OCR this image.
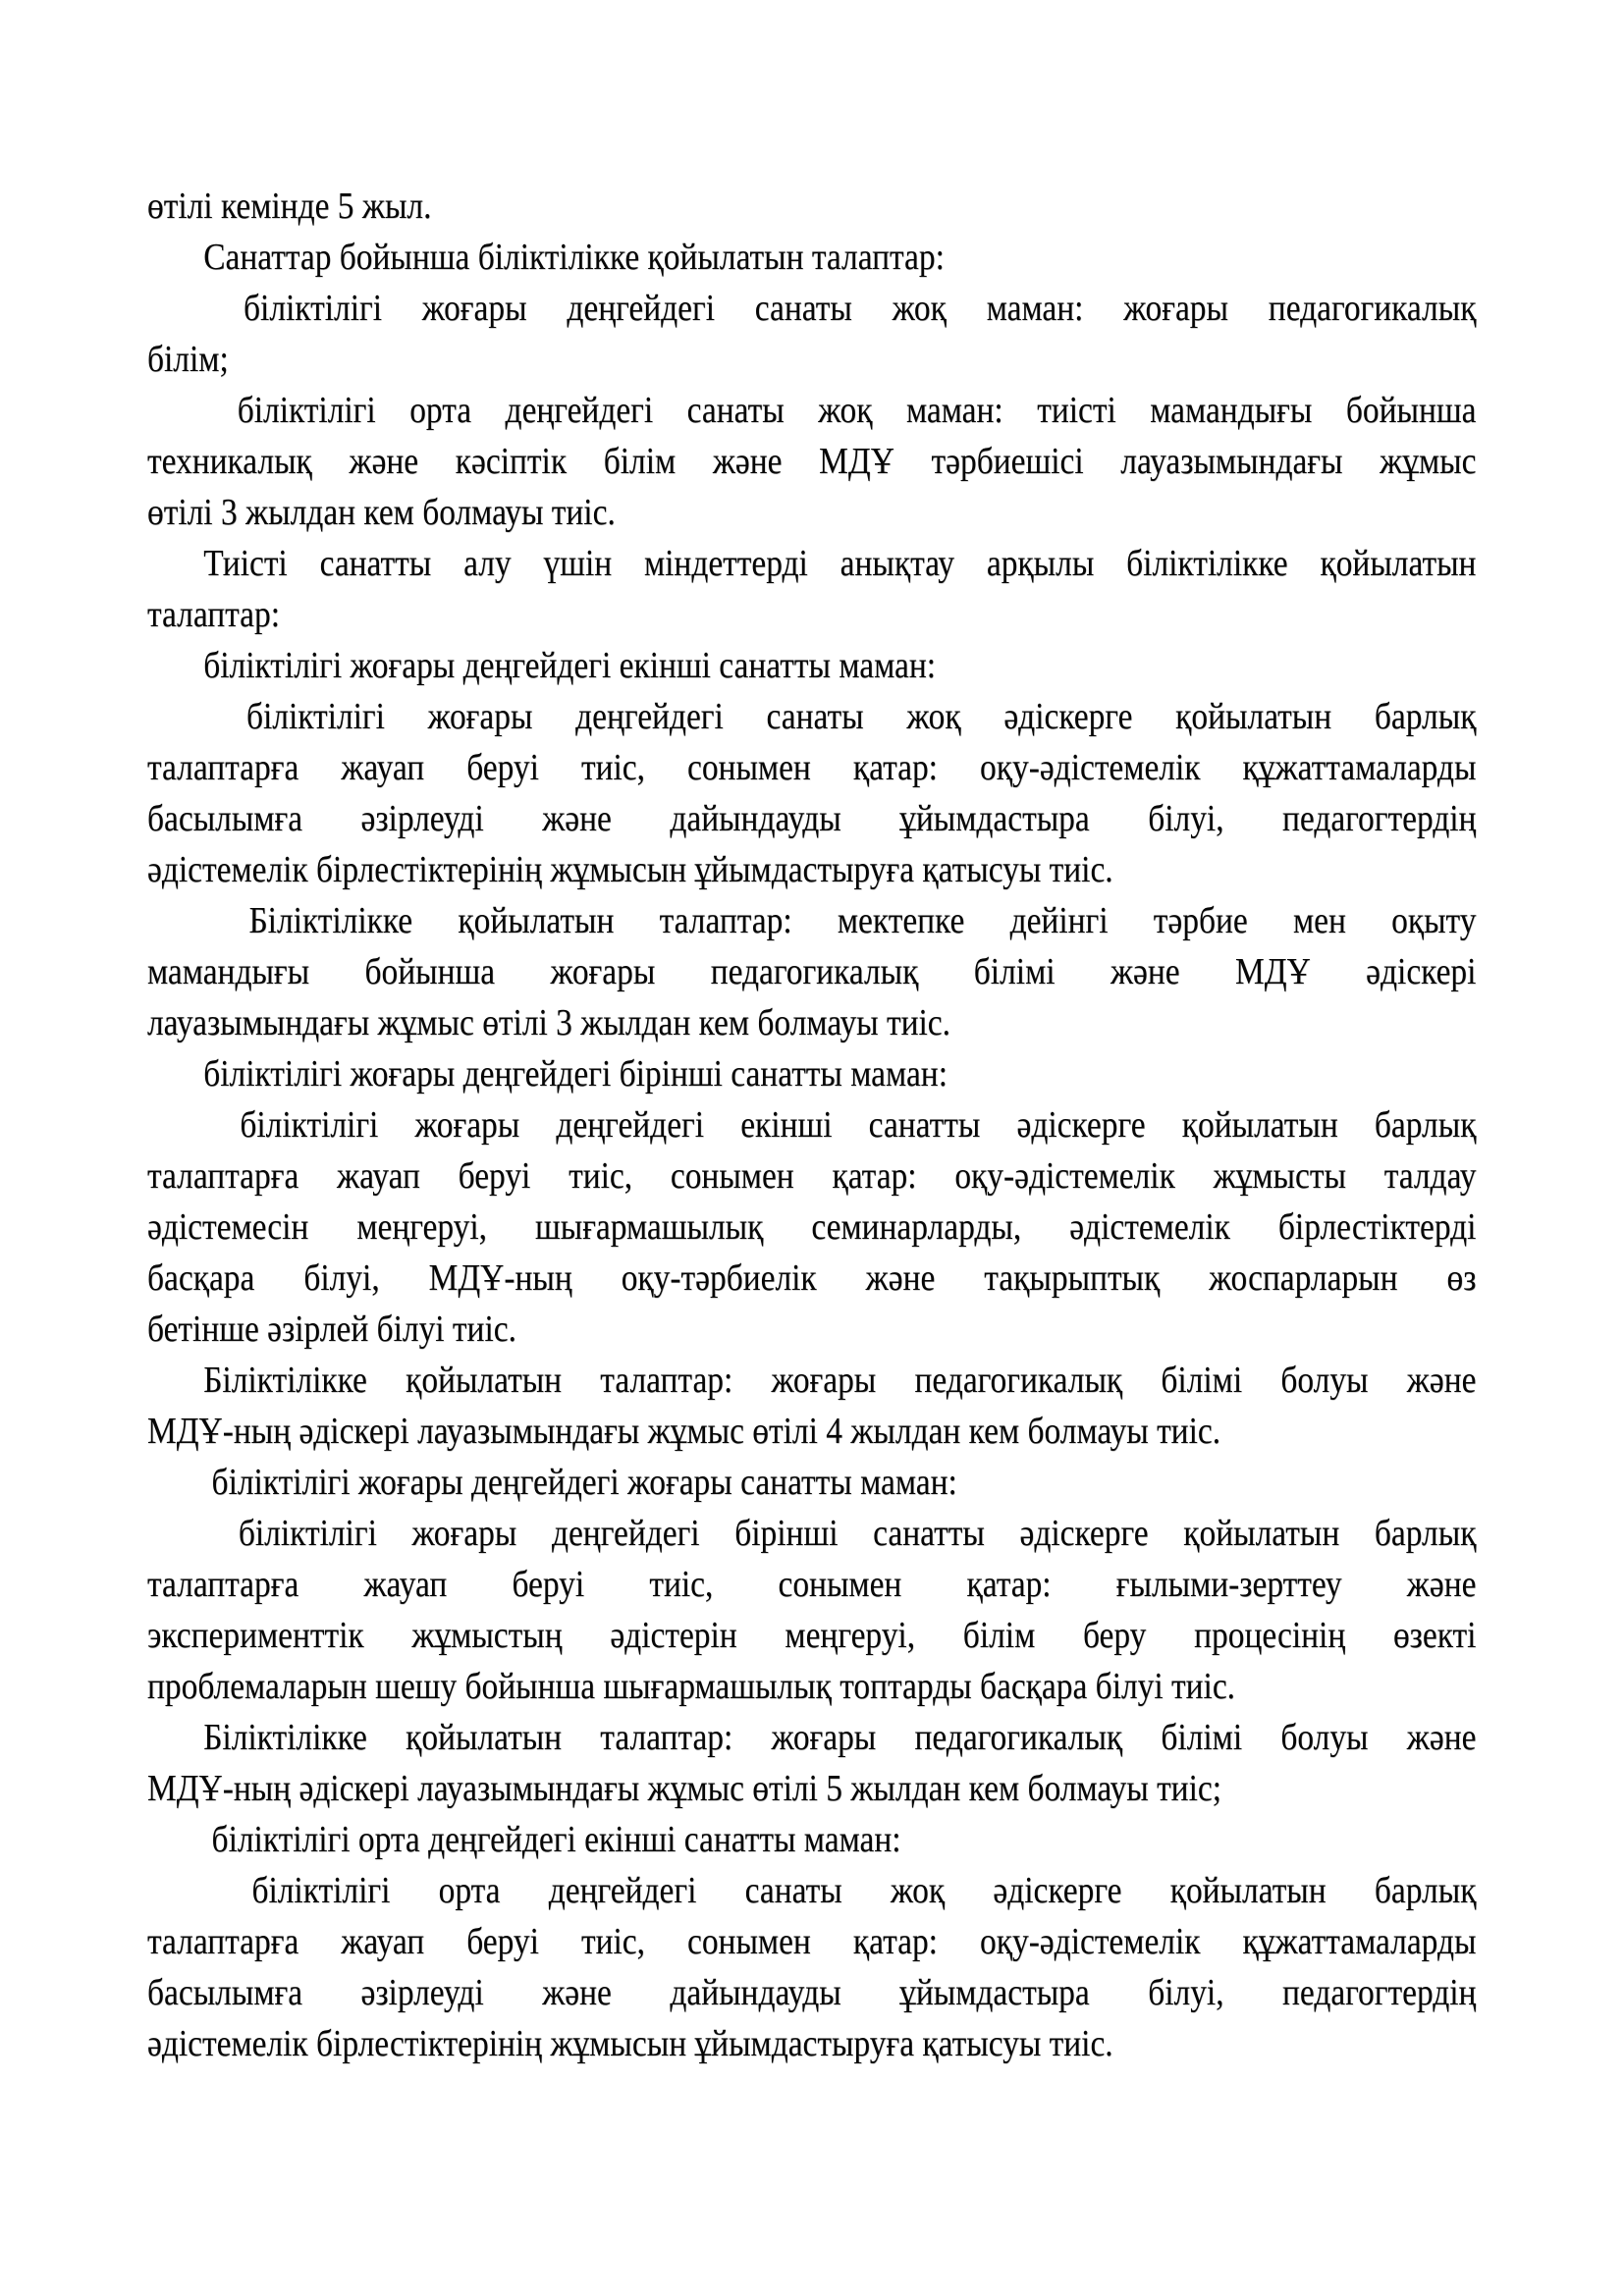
өтілі кемінде 5 жыл.
Санаттар бойынша біліктілікке қойылатын талаптар:
біліктілігі жоғары деңгейдегі санаты жоқ маман: жоғары педагогикалық
білім;
біліктілігі орта деңгейдегі санаты жоқ маман: тиісті мамандығы бойынша
техникалық және кәсіптік білім және МДҰ тәрбиешісі лауазымындағы жұмыс
өтілі 3 жылдан кем болмауы тиіс.
Тиісті санатты алу үшін міндеттерді анықтау арқылы біліктілікке қойылатын
талаптар:
біліктілігі жоғары деңгейдегі екінші санатты маман:
біліктілігі жоғары деңгейдегі санаты жоқ әдіскерге қойылатын барлық
талаптарға жауап беруі тиіс, сонымен қатар: оқу-әдістемелік құжаттамаларды
басылымға әзірлеуді және дайындауды ұйымдастыра білуі, педагогтердің
әдістемелік бірлестіктерінің жұмысын ұйымдастыруға қатысуы тиіс.
Біліктілікке қойылатын талаптар: мектепке дейінгі тәрбие мен оқыту
мамандығы бойынша жоғары педагогикалық білімі және МДҰ әдіскері
лауазымындағы жұмыс өтілі 3 жылдан кем болмауы тиіс.
біліктілігі жоғары деңгейдегі бірінші санатты маман:
біліктілігі жоғары деңгейдегі екінші санатты әдіскерге қойылатын барлық
талаптарға жауап беруі тиіс, сонымен қатар: оқу-әдістемелік жұмысты талдау
әдістемесін меңгеруі, шығармашылық семинарларды, әдістемелік бірлестіктерді
басқара білуі, МДҰ-ның оқу-тәрбиелік және тақырыптық жоспарларын өз
бетінше әзірлей білуі тиіс.
Біліктілікке қойылатын талаптар: жоғары педагогикалық білімі болуы және
МДҰ-ның әдіскері лауазымындағы жұмыс өтілі 4 жылдан кем болмауы тиіс.
біліктілігі жоғары деңгейдегі жоғары санатты маман:
біліктілігі жоғары деңгейдегі бірінші санатты әдіскерге қойылатын барлық
талаптарға жауап беруі тиіс, сонымен қатар: ғылыми-зерттеу және
эксперименттік жұмыстың әдістерін меңгеруі, білім беру процесінің өзекті
проблемаларын шешу бойынша шығармашылық топтарды басқара білуі тиіс.
Біліктілікке қойылатын талаптар: жоғары педагогикалық білімі болуы және
МДҰ-ның әдіскері лауазымындағы жұмыс өтілі 5 жылдан кем болмауы тиіс;
біліктілігі орта деңгейдегі екінші санатты маман:
біліктілігі орта деңгейдегі санаты жоқ әдіскерге қойылатын барлық
талаптарға жауап беруі тиіс, сонымен қатар: оқу-әдістемелік құжаттамаларды
басылымға әзірлеуді және дайындауды ұйымдастыра білуі, педагогтердің
әдістемелік бірлестіктерінің жұмысын ұйымдастыруға қатысуы тиіс.
